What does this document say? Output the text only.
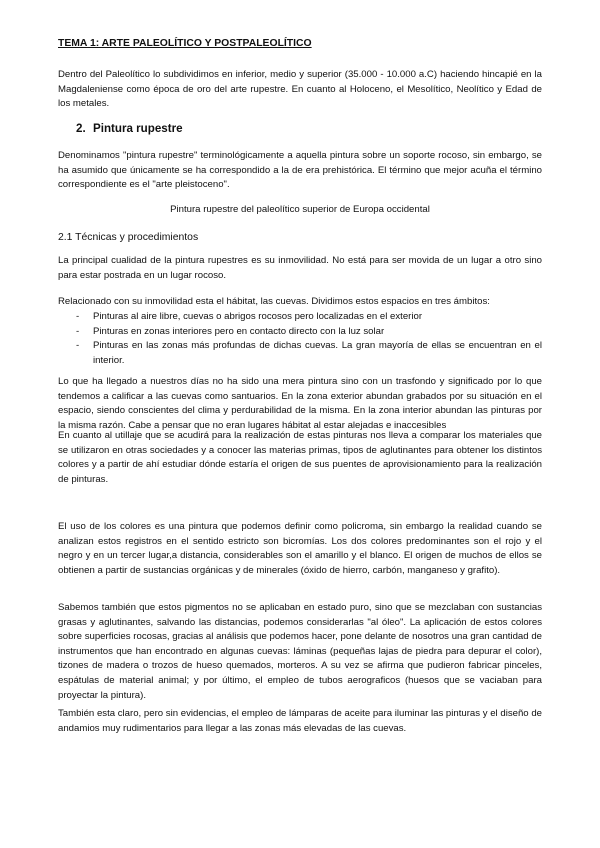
TEMA 1: ARTE PALEOLÍTICO Y POSTPALEOLÍTICO

Dentro del Paleolítico lo subdividimos en inferior, medio y superior (35.000 - 10.000 a.C) haciendo hincapié en la Magdaleniense como época de oro del arte rupestre. En cuanto al Holoceno, el Mesolítico, Neolítico y Edad de los metales.

2. Pintura rupestre

Denominamos "pintura rupestre" terminológicamente a aquella pintura sobre un soporte rocoso, sin embargo, se ha asumido que únicamente se ha correspondido a la de era prehistórica. El término que mejor acuña el término correspondiente es el "arte pleistoceno".

Pintura rupestre del paleolítico superior de Europa occidental

2.1 Técnicas y procedimientos

La principal cualidad de la pintura rupestres es su inmovilidad. No está para ser movida de un lugar a otro sino para estar postrada en un lugar rocoso.

Relacionado con su inmovilidad esta el hábitat, las cuevas. Dividimos estos espacios en tres ámbitos:

- Pinturas al aire libre, cuevas o abrigos rocosos pero localizadas en el exterior
- Pinturas en zonas interiores pero en contacto directo con la luz solar
- Pinturas en las zonas más profundas de dichas cuevas. La gran mayoría de ellas se encuentran en el interior.

Lo que ha llegado a nuestros días no ha sido una mera pintura sino con un trasfondo y significado por lo que tendemos a calificar a las cuevas como santuarios. En la zona exterior abundan grabados por su situación en el espacio, siendo conscientes del clima y perdurabilidad de la misma. En la zona interior abundan las pinturas por la misma razón. Cabe a pensar que no eran lugares hábitat al estar alejadas e inaccesibles

En cuanto al utillaje que se acudirá para la realización de estas pinturas nos lleva a comparar los materiales que se utilizaron en otras sociedades y a conocer las materias primas, tipos de aglutinantes para obtener los distintos colores y a partir de ahí estudiar dónde estaría el origen de sus puentes de aprovisionamiento para la realización de pinturas.

El uso de los colores es una pintura que podemos definir como policroma, sin embargo la realidad cuando se analizan estos registros en el sentido estricto son bicromías. Los dos colores predominantes son el rojo y el negro y en un tercer lugar,a distancia, considerables son el amarillo y el blanco. El origen de muchos de ellos se obtienen a partir de sustancias orgánicas y de minerales (óxido de hierro, carbón, manganeso y grafito).

Sabemos también que estos pigmentos no se aplicaban en estado puro, sino que se mezclaban con sustancias grasas y aglutinantes, salvando las distancias, podemos considerarlas "al óleo". La aplicación de estos colores sobre superficies rocosas, gracias al análisis que podemos hacer, pone delante de nosotros una gran cantidad de instrumentos que han encontrado en algunas cuevas: láminas (pequeñas lajas de piedra para depurar el color), tizones de madera o trozos de hueso quemados, morteros. A su vez se afirma que pudieron fabricar pinceles, espátulas de material animal; y por último, el empleo de tubos aerograficos (huesos que se vaciaban para proyectar la pintura).

También esta claro, pero sin evidencias, el empleo de lámparas de aceite para iluminar las pinturas y el diseño de andamios muy rudimentarios para llegar a las zonas más elevadas de las cuevas.
